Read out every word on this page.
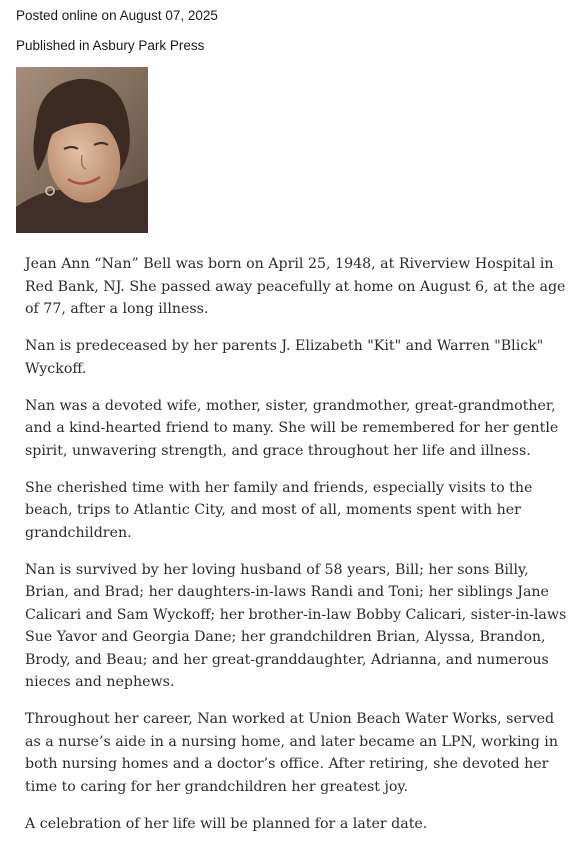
Posted online on August 07, 2025
Published in Asbury Park Press

Jean Ann “Nan” Bell was born on April 25, 1948, at Riverview Hospital in Red Bank, NJ. She passed away peacefully at home on August 6, at the age of 77, after a long illness.

Nan is predeceased by her parents J. Elizabeth "Kit" and Warren "Blick" Wyckoff.

Nan was a devoted wife, mother, sister, grandmother, great-grandmother, and a kind-hearted friend to many. She will be remembered for her gentle spirit, unwavering strength, and grace throughout her life and illness.

She cherished time with her family and friends, especially visits to the beach, trips to Atlantic City, and most of all, moments spent with her grandchildren.

Nan is survived by her loving husband of 58 years, Bill; her sons Billy, Brian, and Brad; her daughters-in-laws Randi and Toni; her siblings Jane Calicari and Sam Wyckoff; her brother-in-law Bobby Calicari, sister-in-laws Sue Yavor and Georgia Dane; her grandchildren Brian, Alyssa, Brandon, Brody, and Beau; and her great-granddaughter, Adrianna, and numerous nieces and nephews.

Throughout her career, Nan worked at Union Beach Water Works, served as a nurse’s aide in a nursing home, and later became an LPN, working in both nursing homes and a doctor’s office. After retiring, she devoted her time to caring for her grandchildren her greatest joy.

A celebration of her life will be planned for a later date.
